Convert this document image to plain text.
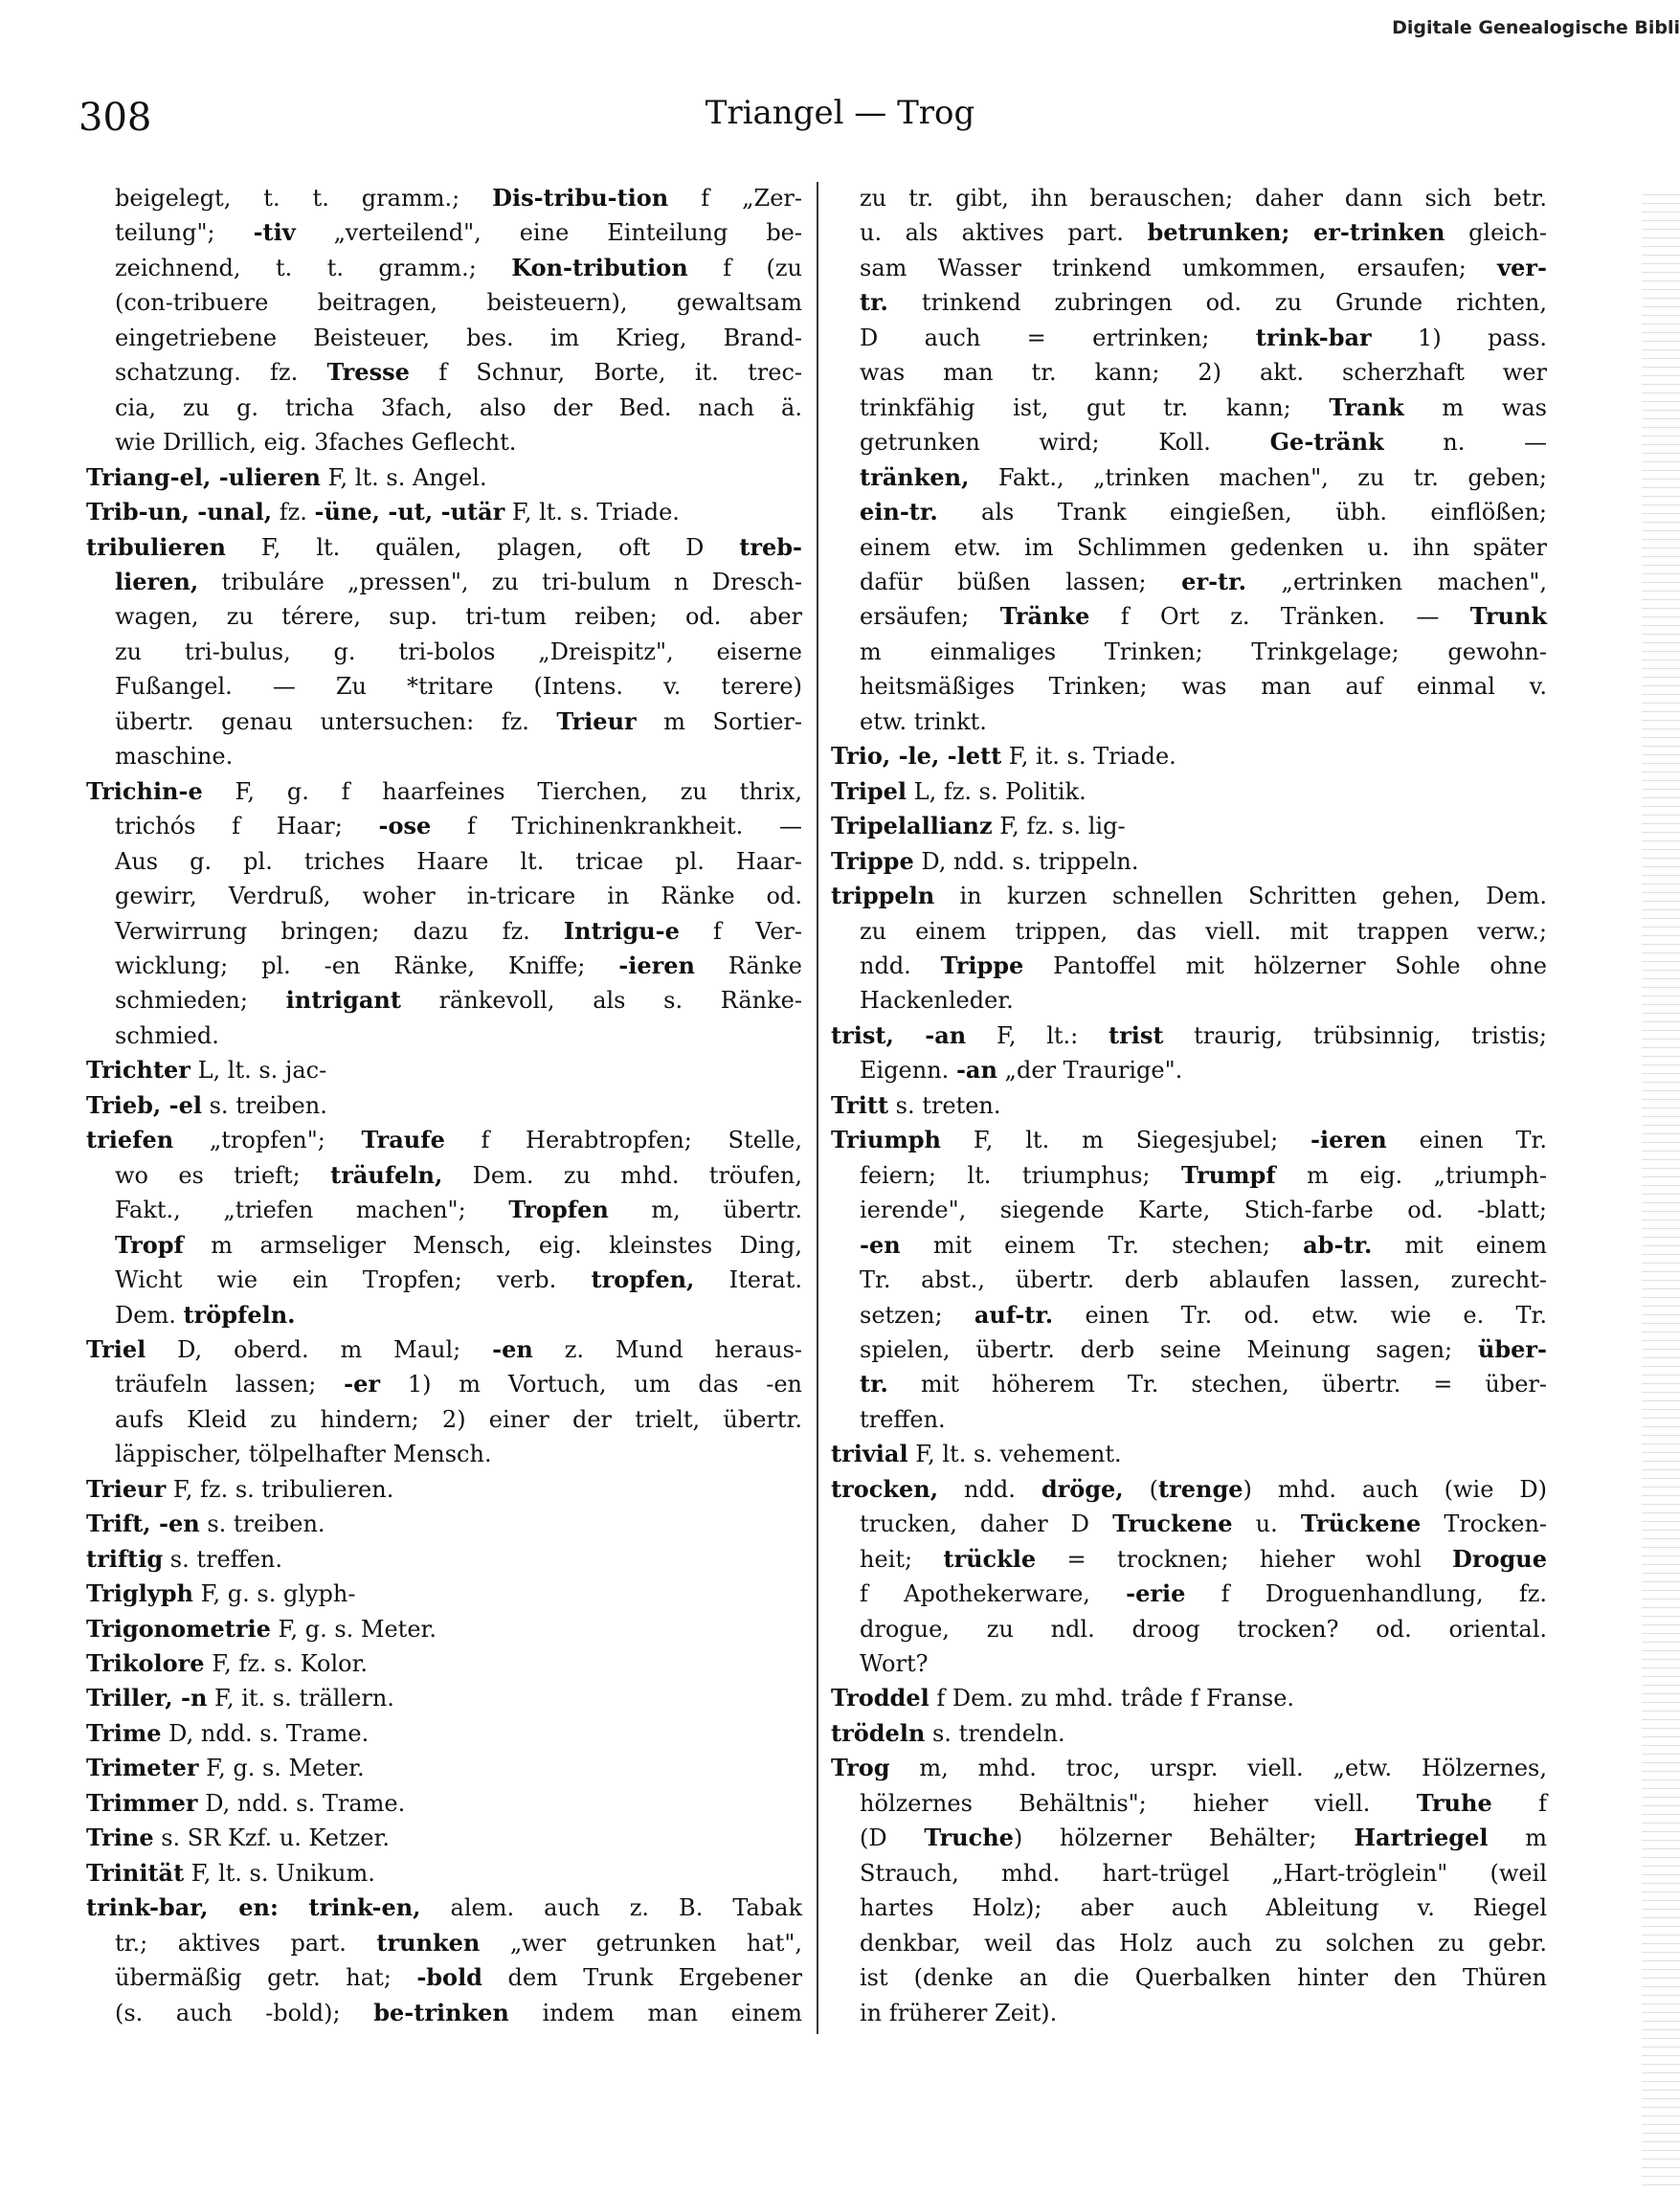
Digitale Genealogische Bibli
308	Triangel — Trog
beigelegt, t. t. gramm.; Dis-tribu-tion f „Zer-
teilung"; -tiv „verteilend", eine Einteilung be-
zeichnend, t. t. gramm.; Kon-tribution f (zu
(con-tribuere beitragen, beisteuern), gewaltsam
eingetriebene Beisteuer, bes. im Krieg, Brand-
schatzung. fz. Tresse f Schnur, Borte, it. trec-
cia, zu g. tricha 3fach, also der Bed. nach ä.
wie Drillich, eig. 3faches Geflecht.
Triang-el, -ulieren F, lt. s. Angel.
Trib-un, -unal, fz. -üne, -ut, -utär F, lt. s. Triade.
tribulieren F, lt. quälen, plagen, oft D treb-
lieren, tribuláre „pressen", zu tri-bulum n Dresch-
wagen, zu térere, sup. tri-tum reiben; od. aber
zu tri-bulus, g. tri-bolos „Dreispitz", eiserne
Fußangel. — Zu *tritare (Intens. v. terere)
übertr. genau untersuchen: fz. Trieur m Sortier-
maschine.
Trichin-e F, g. f haarfeines Tierchen, zu thrix,
trichós f Haar; -ose f Trichinenkrankheit. —
Aus g. pl. triches Haare lt. tricae pl. Haar-
gewirr, Verdruß, woher in-tricare in Ränke od.
Verwirrung bringen; dazu fz. Intrigu-e f Ver-
wicklung; pl. -en Ränke, Kniffe; -ieren Ränke
schmieden; intrigant ränkevoll, als s. Ränke-
schmied.
Trichter L, lt. s. jac-
Trieb, -el s. treiben.
triefen „tropfen"; Traufe f Herabtropfen; Stelle,
wo es trieft; träufeln, Dem. zu mhd. tröufen,
Fakt., „triefen machen"; Tropfen m, übertr.
Tropf m armseliger Mensch, eig. kleinstes Ding,
Wicht wie ein Tropfen; verb. tropfen, Iterat.
Dem. tröpfeln.
Triel D, oberd. m Maul; -en z. Mund heraus-
träufeln lassen; -er 1) m Vortuch, um das -en
aufs Kleid zu hindern; 2) einer der trielt, übertr.
läppischer, tölpelhafter Mensch.
Trieur F, fz. s. tribulieren.
Trift, -en s. treiben.
triftig s. treffen.
Triglyph F, g. s. glyph-
Trigonometrie F, g. s. Meter.
Trikolore F, fz. s. Kolor.
Triller, -n F, it. s. trällern.
Trime D, ndd. s. Trame.
Trimeter F, g. s. Meter.
Trimmer D, ndd. s. Trame.
Trine s. SR Kzf. u. Ketzer.
Trinität F, lt. s. Unikum.
trink-bar, en: trink-en, alem. auch z. B. Tabak
tr.; aktives part. trunken „wer getrunken hat",
übermäßig getr. hat; -bold dem Trunk Ergebener
(s. auch -bold); be-trinken indem man einem
zu tr. gibt, ihn berauschen; daher dann sich betr.
u. als aktives part. betrunken; er-trinken gleich-
sam Wasser trinkend umkommen, ersaufen; ver-
tr. trinkend zubringen od. zu Grunde richten,
D auch = ertrinken; trink-bar 1) pass.
was man tr. kann; 2) akt. scherzhaft wer
trinkfähig ist, gut tr. kann; Trank m was
getrunken wird; Koll. Ge-tränk n. —
tränken, Fakt., „trinken machen", zu tr. geben;
ein-tr. als Trank eingießen, übh. einflößen;
einem etw. im Schlimmen gedenken u. ihn später
dafür büßen lassen; er-tr. „ertrinken machen",
ersäufen; Tränke f Ort z. Tränken. — Trunk
m einmaliges Trinken; Trinkgelage; gewohn-
heitsmäßiges Trinken; was man auf einmal v.
etw. trinkt.
Trio, -le, -lett F, it. s. Triade.
Tripel L, fz. s. Politik.
Tripelallianz F, fz. s. lig-
Trippe D, ndd. s. trippeln.
trippeln in kurzen schnellen Schritten gehen, Dem.
zu einem trippen, das viell. mit trappen verw.;
ndd. Trippe Pantoffel mit hölzerner Sohle ohne
Hackenleder.
trist, -an F, lt.: trist traurig, trübsinnig, tristis;
Eigenn. -an „der Traurige".
Tritt s. treten.
Triumph F, lt. m Siegesjubel; -ieren einen Tr.
feiern; lt. triumphus; Trumpf m eig. „triumph-
ierende", siegende Karte, Stich-farbe od. -blatt;
-en mit einem Tr. stechen; ab-tr. mit einem
Tr. abst., übertr. derb ablaufen lassen, zurecht-
setzen; auf-tr. einen Tr. od. etw. wie e. Tr.
spielen, übertr. derb seine Meinung sagen; über-
tr. mit höherem Tr. stechen, übertr. = über-
treffen.
trivial F, lt. s. vehement.
trocken, ndd. dröge, (trenge) mhd. auch (wie D)
trucken, daher D Truckene u. Trückene Trocken-
heit; trückle = trocknen; hieher wohl Drogue
f Apothekerware, -erie f Droguenhandlung, fz.
drogue, zu ndl. droog trocken? od. oriental.
Wort?
Troddel f Dem. zu mhd. trâde f Franse.
trödeln s. trendeln.
Trog m, mhd. troc, urspr. viell. „etw. Hölzernes,
hölzernes Behältnis"; hieher viell. Truhe f
(D Truche) hölzerner Behälter; Hartriegel m
Strauch, mhd. hart-trügel „Hart-tröglein" (weil
hartes Holz); aber auch Ableitung v. Riegel
denkbar, weil das Holz auch zu solchen zu gebr.
ist (denke an die Querbalken hinter den Thüren
in früherer Zeit).
